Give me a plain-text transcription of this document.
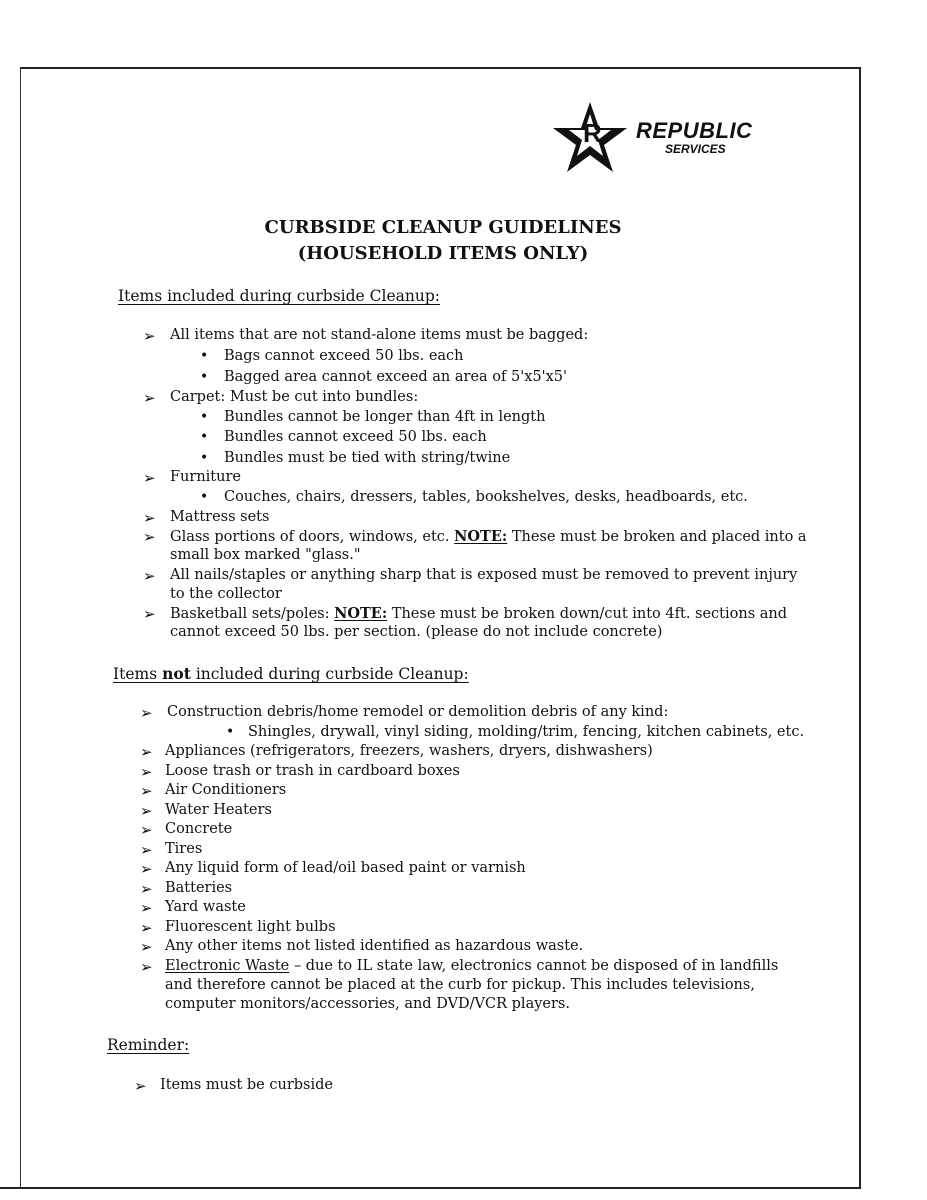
R REPUBLIC
SERVICES
CURBSIDE CLEANUP GUIDELINES
(HOUSEHOLD ITEMS ONLY)
Items included during curbside Cleanup:
➢ All items that are not stand-alone items must be bagged:
• Bags cannot exceed 50 lbs. each
• Bagged area cannot exceed an area of 5'x5'x5'
➢ Carpet: Must be cut into bundles:
• Bundles cannot be longer than 4ft in length
• Bundles cannot exceed 50 lbs. each
• Bundles must be tied with string/twine
➢ Furniture
• Couches, chairs, dressers, tables, bookshelves, desks, headboards, etc.
➢ Mattress sets
➢ Glass portions of doors, windows, etc. NOTE: These must be broken and placed into a
small box marked "glass."
➢ All nails/staples or anything sharp that is exposed must be removed to prevent injury
to the collector
➢ Basketball sets/poles: NOTE: These must be broken down/cut into 4ft. sections and
cannot exceed 50 lbs. per section. (please do not include concrete)
Items not included during curbside Cleanup:
➢ Construction debris/home remodel or demolition debris of any kind:
• Shingles, drywall, vinyl siding, molding/trim, fencing, kitchen cabinets, etc.
➢ Appliances (refrigerators, freezers, washers, dryers, dishwashers)
➢ Loose trash or trash in cardboard boxes
➢ Air Conditioners
➢ Water Heaters
➢ Concrete
➢ Tires
➢ Any liquid form of lead/oil based paint or varnish
➢ Batteries
➢ Yard waste
➢ Fluorescent light bulbs
➢ Any other items not listed identified as hazardous waste.
➢ Electronic Waste – due to IL state law, electronics cannot be disposed of in landfills
and therefore cannot be placed at the curb for pickup. This includes televisions,
computer monitors/accessories, and DVD/VCR players.
Reminder:
➢ Items must be curbside
